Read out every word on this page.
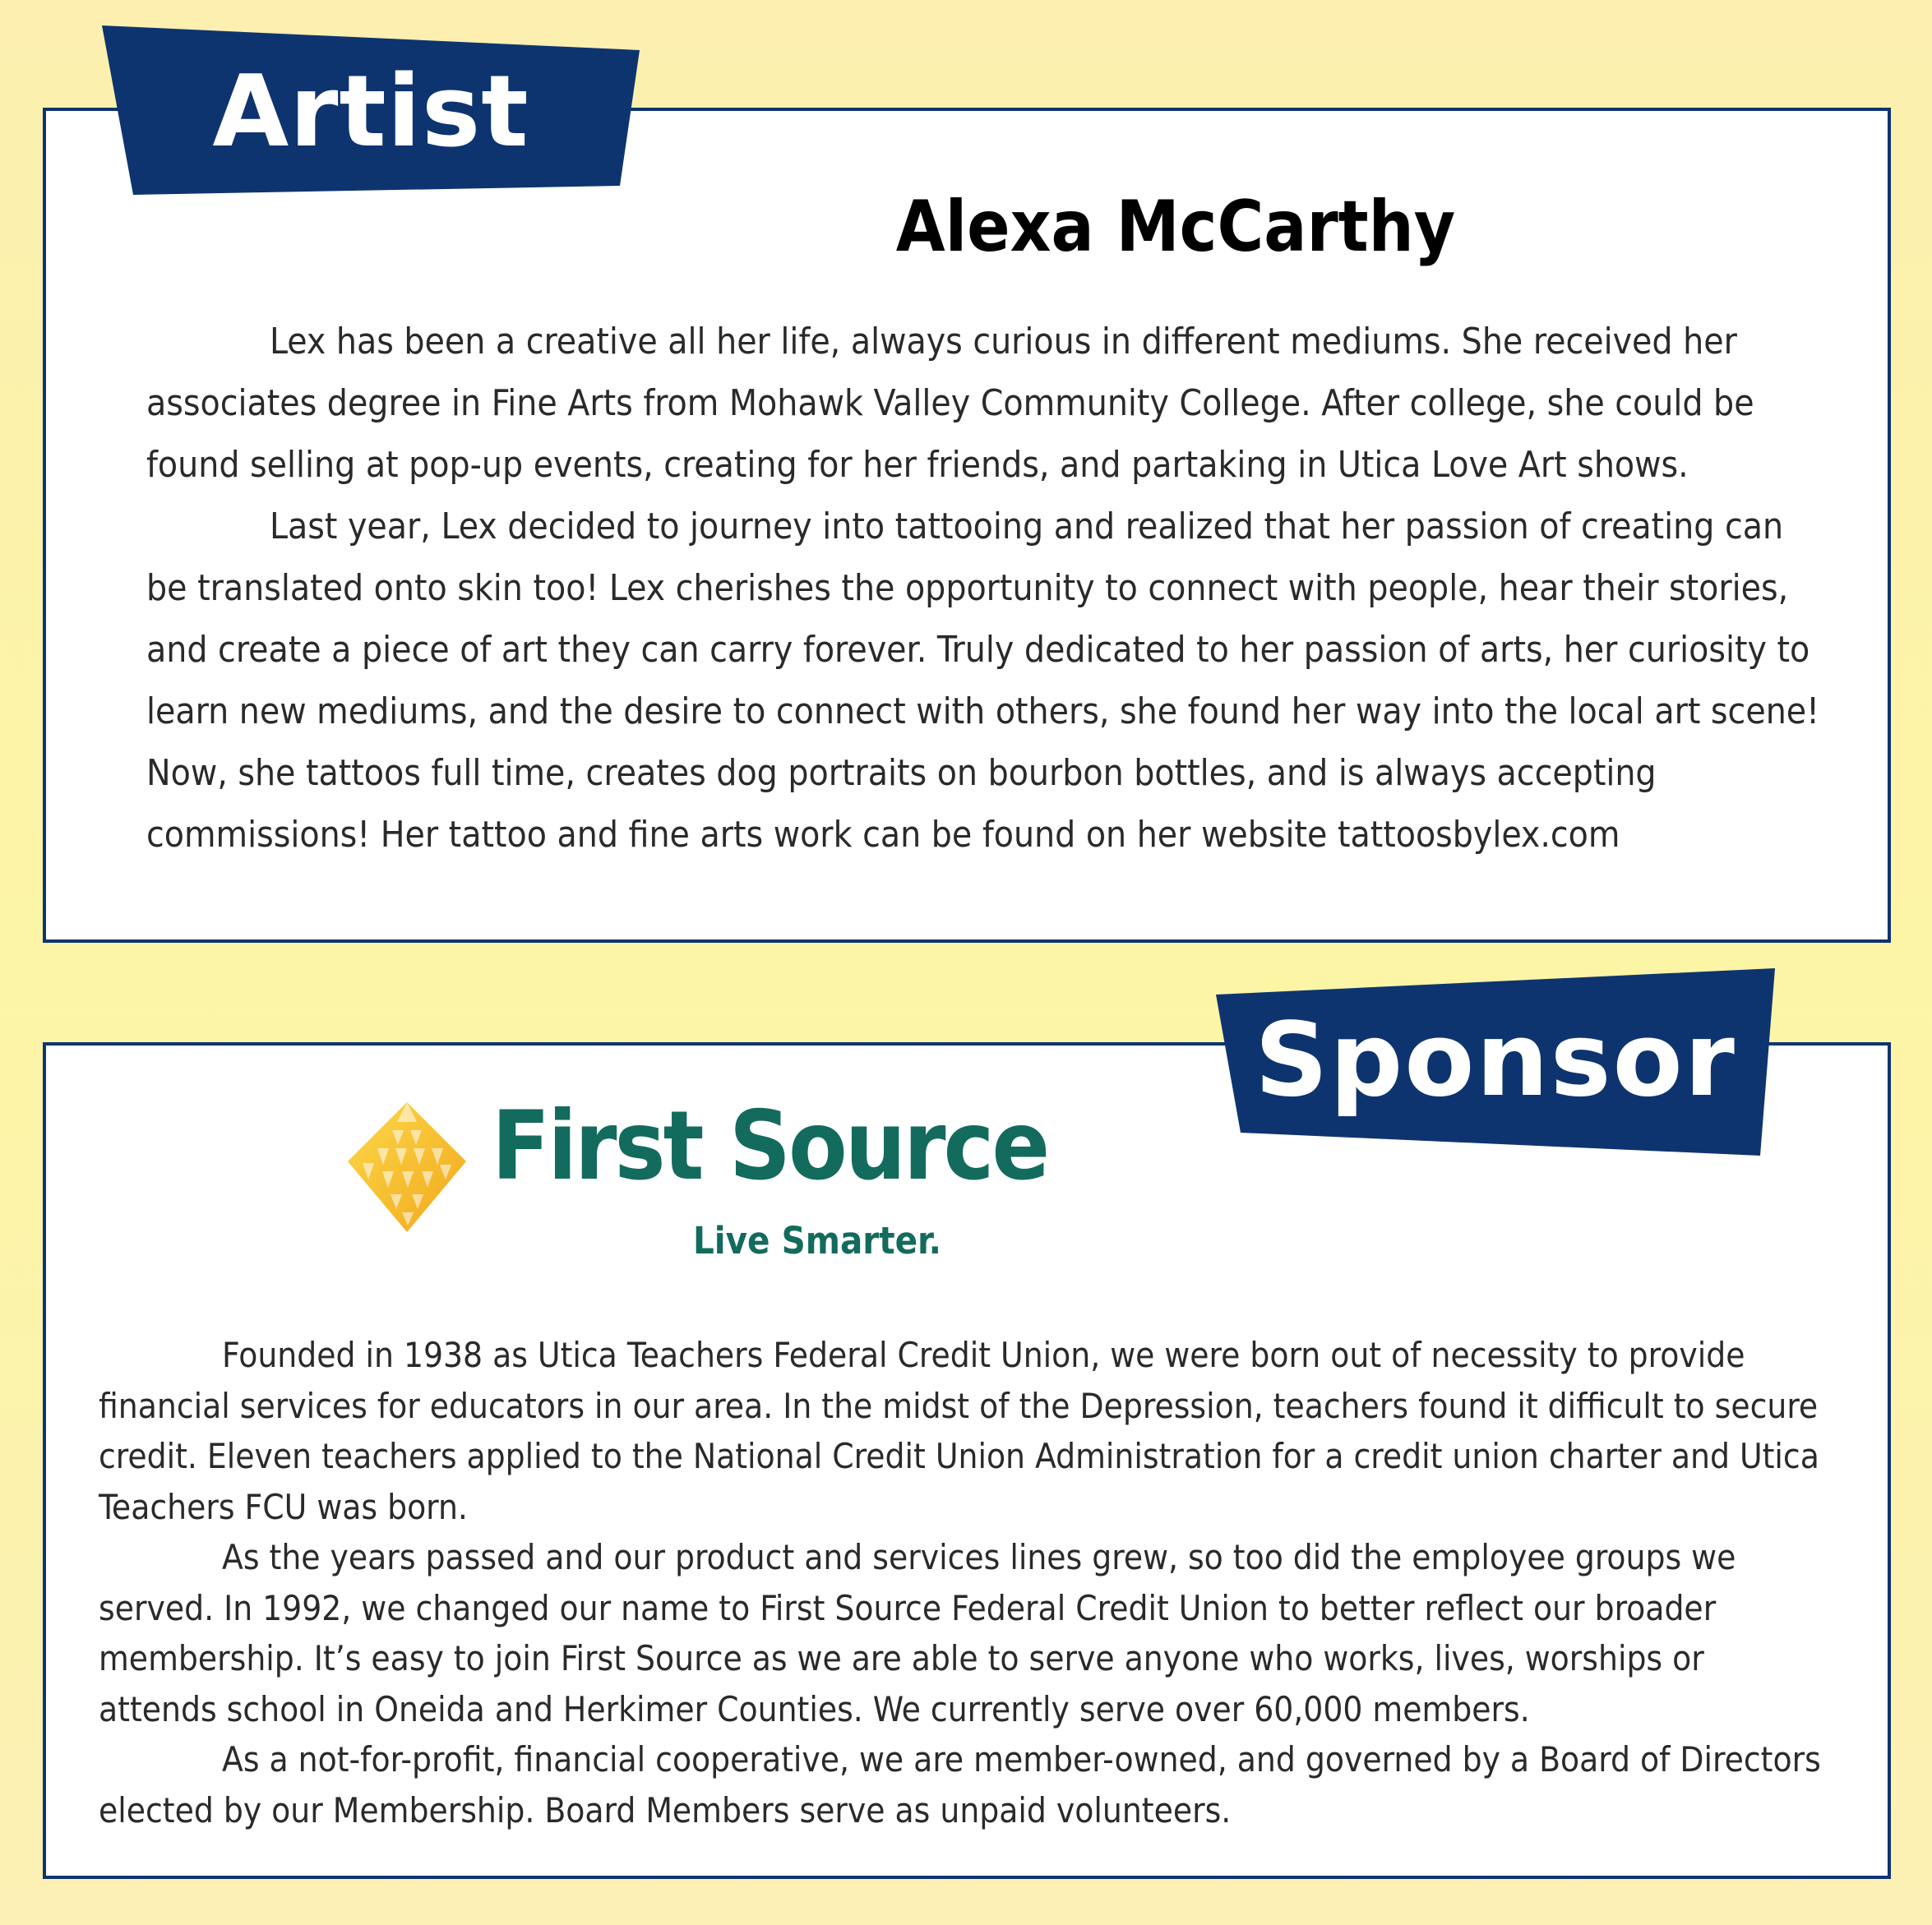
Artist
Alexa McCarthy

Lex has been a creative all her life, always curious in different mediums. She received her associates degree in Fine Arts from Mohawk Valley Community College. After college, she could be found selling at pop-up events, creating for her friends, and partaking in Utica Love Art shows.

Last year, Lex decided to journey into tattooing and realized that her passion of creating can be translated onto skin too! Lex cherishes the opportunity to connect with people, hear their stories, and create a piece of art they can carry forever. Truly dedicated to her passion of arts, her curiosity to learn new mediums, and the desire to connect with others, she found her way into the local art scene! Now, she tattoos full time, creates dog portraits on bourbon bottles, and is always accepting commissions! Her tattoo and fine arts work can be found on her website tattoosbylex.com

Sponsor
First Source
Live Smarter.

Founded in 1938 as Utica Teachers Federal Credit Union, we were born out of necessity to provide financial services for educators in our area. In the midst of the Depression, teachers found it difficult to secure credit. Eleven teachers applied to the National Credit Union Administration for a credit union charter and Utica Teachers FCU was born.

As the years passed and our product and services lines grew, so too did the employee groups we served. In 1992, we changed our name to First Source Federal Credit Union to better reflect our broader membership. It’s easy to join First Source as we are able to serve anyone who works, lives, worships or attends school in Oneida and Herkimer Counties. We currently serve over 60,000 members.

As a not-for-profit, financial cooperative, we are member-owned, and governed by a Board of Directors elected by our Membership. Board Members serve as unpaid volunteers.
